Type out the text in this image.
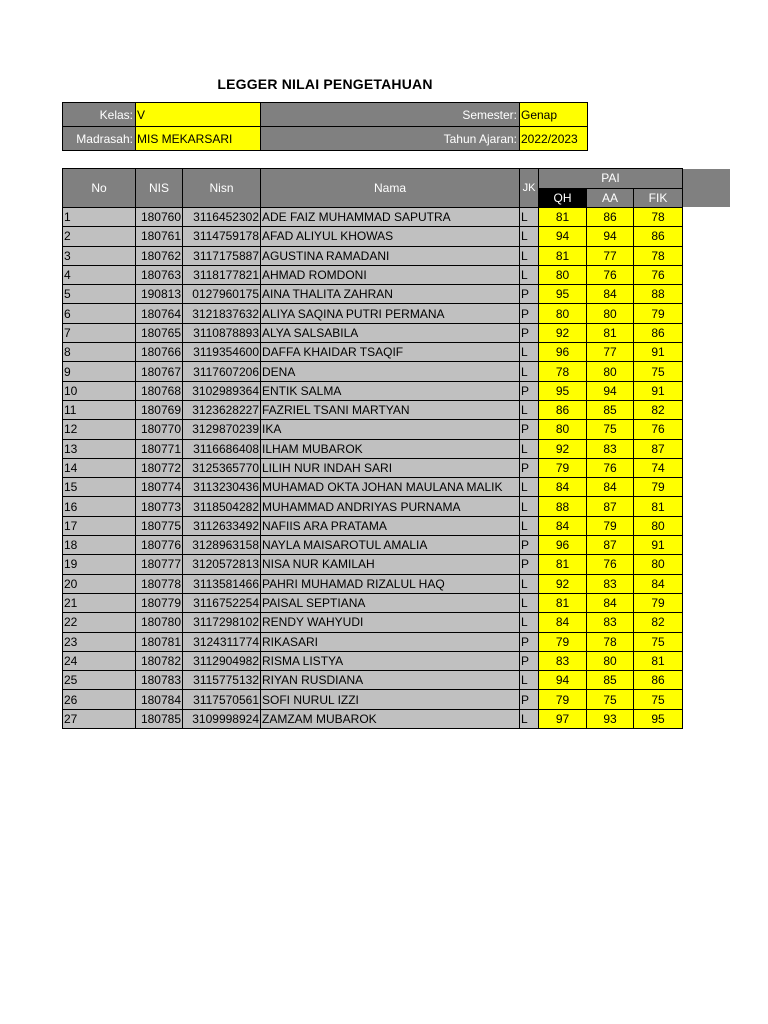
LEGGER NILAI PENGETAHUAN
Kelas:	V	Semester:	Genap
Madrasah:	MIS MEKARSARI	Tahun Ajaran:	2022/2023
No	NIS	Nisn	Nama	JK	PAI		
					QH	AA	FIK
1	180760	3116452302	ADE FAIZ MUHAMMAD SAPUTRA	L	81	86	78
2	180761	3114759178	AFAD ALIYUL KHOWAS	L	94	94	86
3	180762	3117175887	AGUSTINA RAMADANI	L	81	77	78
4	180763	3118177821	AHMAD ROMDONI	L	80	76	76
5	190813	0127960175	AINA THALITA ZAHRAN	P	95	84	88
6	180764	3121837632	ALIYA SAQINA PUTRI PERMANA	P	80	80	79
7	180765	3110878893	ALYA SALSABILA	P	92	81	86
8	180766	3119354600	DAFFA KHAIDAR TSAQIF	L	96	77	91
9	180767	3117607206	DENA	L	78	80	75
10	180768	3102989364	ENTIK SALMA	P	95	94	91
11	180769	3123628227	FAZRIEL TSANI MARTYAN	L	86	85	82
12	180770	3129870239	IKA	P	80	75	76
13	180771	3116686408	ILHAM MUBAROK	L	92	83	87
14	180772	3125365770	LILIH NUR INDAH SARI	P	79	76	74
15	180774	3113230436	MUHAMAD OKTA JOHAN MAULANA MALIK	L	84	84	79
16	180773	3118504282	MUHAMMAD ANDRIYAS PURNAMA	L	88	87	81
17	180775	3112633492	NAFIIS ARA PRATAMA	L	84	79	80
18	180776	3128963158	NAYLA MAISAROTUL AMALIA	P	96	87	91
19	180777	3120572813	NISA NUR KAMILAH	P	81	76	80
20	180778	3113581466	PAHRI MUHAMAD RIZALUL HAQ	L	92	83	84
21	180779	3116752254	PAISAL SEPTIANA	L	81	84	79
22	180780	3117298102	RENDY WAHYUDI	L	84	83	82
23	180781	3124311774	RIKASARI	P	79	78	75
24	180782	3112904982	RISMA LISTYA	P	83	80	81
25	180783	3115775132	RIYAN RUSDIANA	L	94	85	86
26	180784	3117570561	SOFI NURUL IZZI	P	79	75	75
27	180785	3109998924	ZAMZAM MUBAROK	L	97	93	95
